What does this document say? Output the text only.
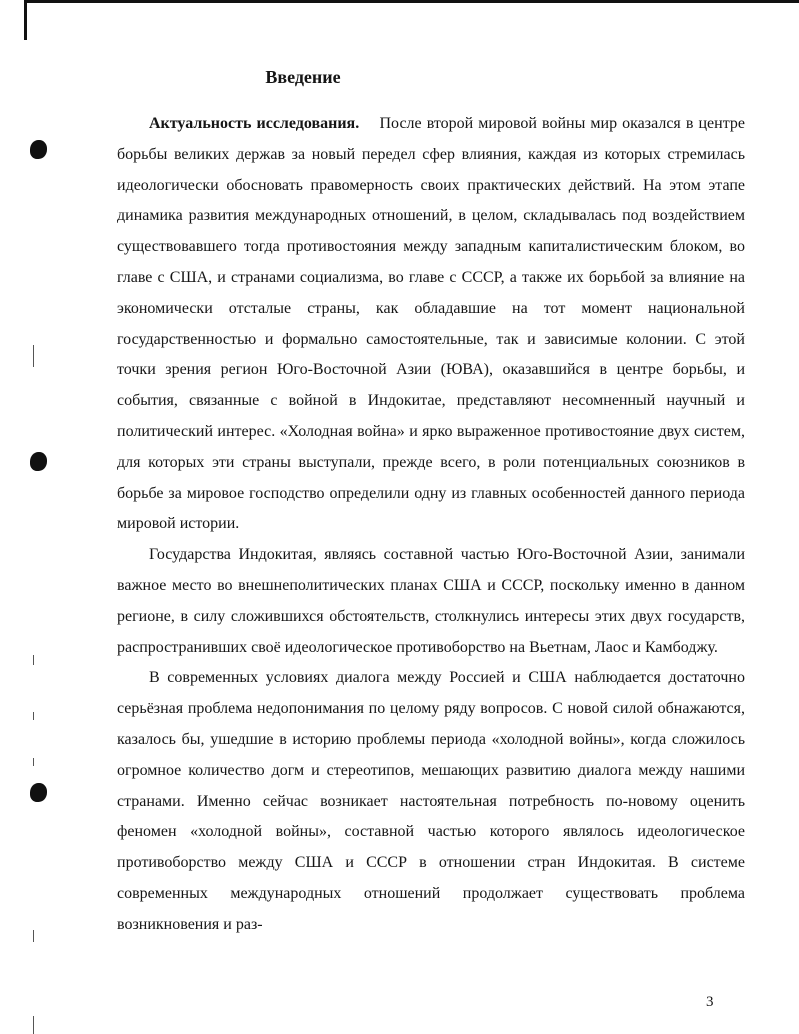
Введение

Актуальность исследования. После второй мировой войны мир оказался в центре борьбы великих держав за новый передел сфер влияния, каждая из которых стремилась идеологически обосновать правомерность своих практических действий. На этом этапе динамика развития международных отношений, в целом, складывалась под воздействием существовавшего тогда противостояния между западным капиталистическим блоком, во главе с США, и странами социализма, во главе с СССР, а также их борьбой за влияние на экономически отсталые страны, как обладавшие на тот момент национальной государственностью и формально самостоятельные, так и зависимые колонии. С этой точки зрения регион Юго-Восточной Азии (ЮВА), оказавшийся в центре борьбы, и события, связанные с войной в Индокитае, представляют несомненный научный и политический интерес. «Холодная война» и ярко выраженное противостояние двух систем, для которых эти страны выступали, прежде всего, в роли потенциальных союзников в борьбе за мировое господство определили одну из главных особенностей данного периода мировой истории.

Государства Индокитая, являясь составной частью Юго-Восточной Азии, занимали важное место во внешнеполитических планах США и СССР, поскольку именно в данном регионе, в силу сложившихся обстоятельств, столкнулись интересы этих двух государств, распространивших своё идеологическое противоборство на Вьетнам, Лаос и Камбоджу.

В современных условиях диалога между Россией и США наблюдается достаточно серьёзная проблема недопонимания по целому ряду вопросов. С новой силой обнажаются, казалось бы, ушедшие в историю проблемы периода «холодной войны», когда сложилось огромное количество догм и стереотипов, мешающих развитию диалога между нашими странами. Именно сейчас возникает настоятельная потребность по-новому оценить феномен «холодной войны», составной частью которого являлось идеологическое противоборство между США и СССР в отношении стран Индокитая. В системе современных международных отношений продолжает существовать проблема возникновения и раз-

3
